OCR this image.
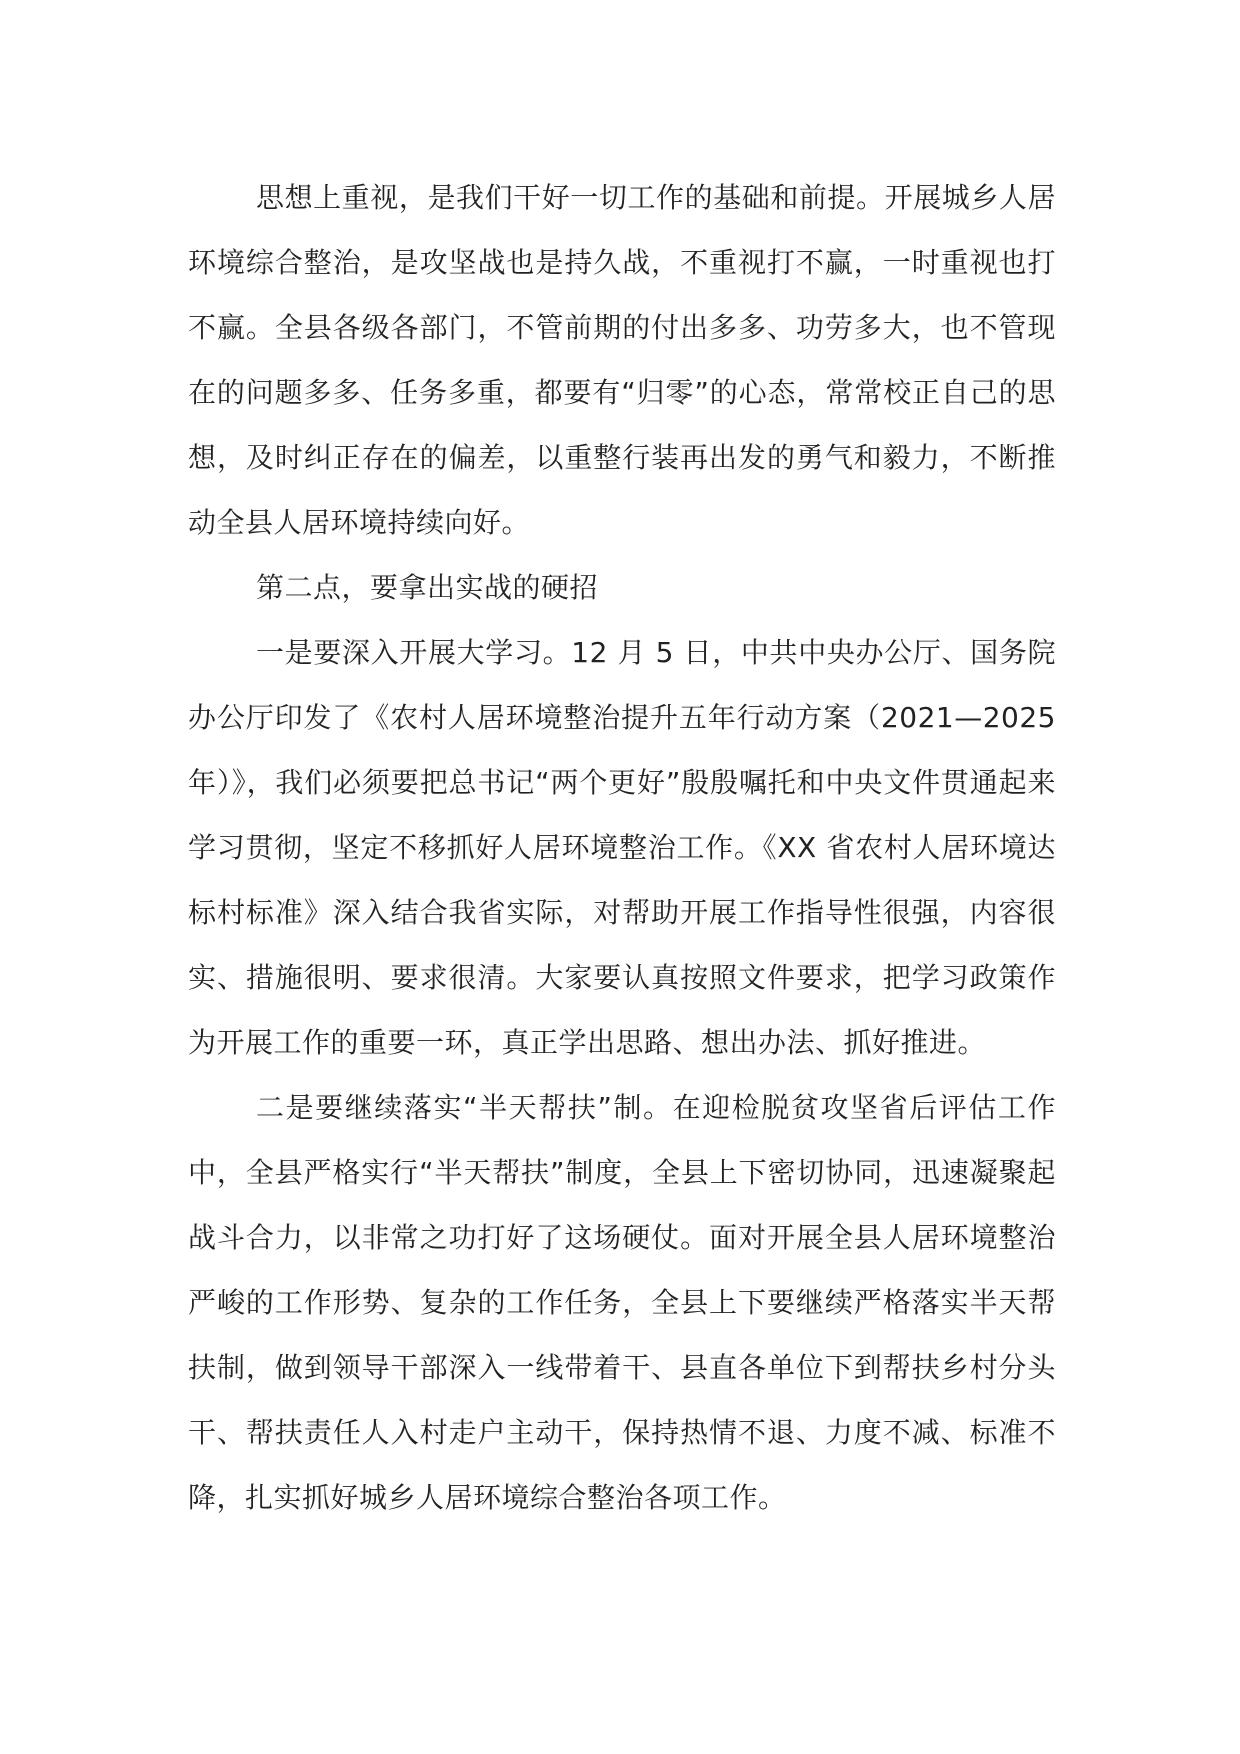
思想上重视，是我们干好一切工作的基础和前提。开展城乡人居环境综合整治，是攻坚战也是持久战，不重视打不赢，一时重视也打不赢。全县各级各部门，不管前期的付出多多、功劳多大，也不管现在的问题多多、任务多重，都要有“归零”的心态，常常校正自己的思想，及时纠正存在的偏差，以重整行装再出发的勇气和毅力，不断推动全县人居环境持续向好。

第二点，要拿出实战的硬招

一是要深入开展大学习。12 月 5 日，中共中央办公厅、国务院办公厅印发了《农村人居环境整治提升五年行动方案（2021—2025 年）》，我们必须要把总书记“两个更好”殷殷嘱托和中央文件贯通起来学习贯彻，坚定不移抓好人居环境整治工作。《XX 省农村人居环境达标村标准》深入结合我省实际，对帮助开展工作指导性很强，内容很实、措施很明、要求很清。大家要认真按照文件要求，把学习政策作为开展工作的重要一环，真正学出思路、想出办法、抓好推进。

二是要继续落实“半天帮扶”制。在迎检脱贫攻坚省后评估工作中，全县严格实行“半天帮扶”制度，全县上下密切协同，迅速凝聚起战斗合力，以非常之功打好了这场硬仗。面对开展全县人居环境整治严峻的工作形势、复杂的工作任务，全县上下要继续严格落实半天帮扶制，做到领导干部深入一线带着干、县直各单位下到帮扶乡村分头干、帮扶责任人入村走户主动干，保持热情不退、力度不减、标准不降，扎实抓好城乡人居环境综合整治各项工作。
